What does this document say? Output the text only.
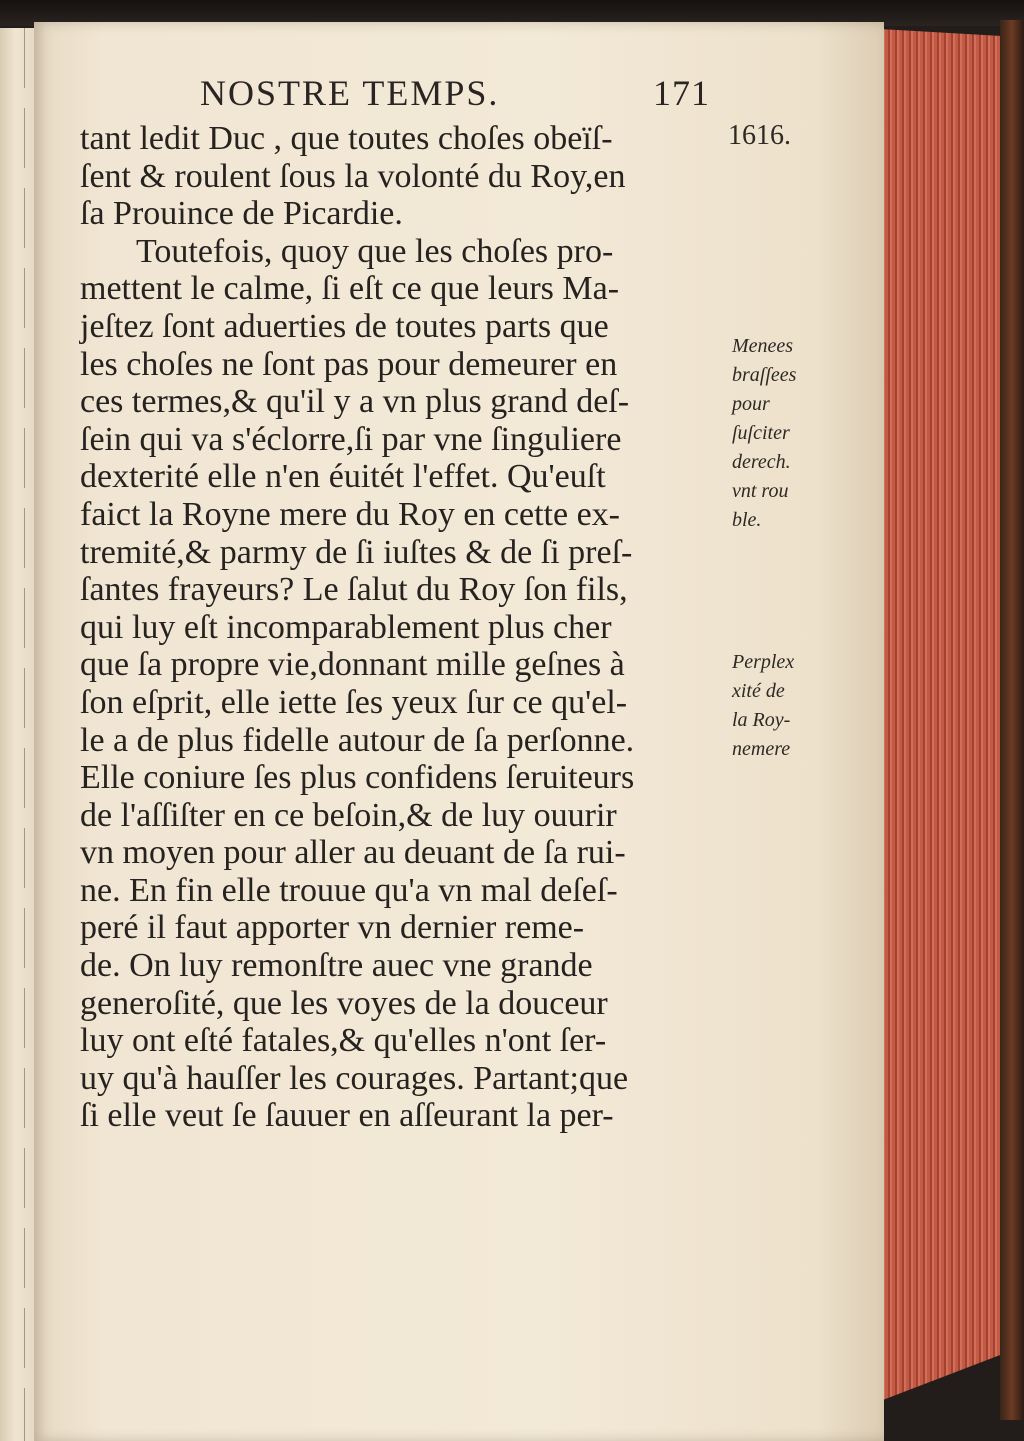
NOSTRE TEMPS.	171
tant ledit Duc , que toutes choſes obeïſ-
ſent & roulent ſous la volonté du Roy,en
ſa Prouince de Picardie.
Toutefois, quoy que les choſes pro-
mettent le calme, ſi eſt ce que leurs Ma-
jeſtez ſont aduerties de toutes parts que
les choſes ne ſont pas pour demeurer en
ces termes,& qu'il y a vn plus grand deſ-
ſein qui va s'éclorre,ſi par vne ſinguliere
dexterité elle n'en éuitét l'effet. Qu'euſt
faict la Royne mere du Roy en cette ex-
tremité,& parmy de ſi iuſtes & de ſi preſ-
ſantes frayeurs? Le ſalut du Roy ſon fils,
qui luy eſt incomparablement plus cher
que ſa propre vie,donnant mille geſnes à
ſon eſprit, elle iette ſes yeux ſur ce qu'el-
le a de plus fidelle autour de ſa perſonne.
Elle coniure ſes plus confidens ſeruiteurs
de l'aſſiſter en ce beſoin,& de luy ouurir
vn moyen pour aller au deuant de ſa rui-
ne. En fin elle trouue qu'a vn mal deſeſ-
peré il faut apporter vn dernier reme-
de. On luy remonſtre auec vne grande
generoſité, que les voyes de la douceur
luy ont eſté fatales,& qu'elles n'ont ſer-
uy qu'à hauſſer les courages. Partant;que
ſi elle veut ſe ſauuer en aſſeurant la per-
1616.
Menees
braſſees
pour
ſuſciter
derech.
vnt rou
ble.
Perplex
xité de
la Roy-
nemere
